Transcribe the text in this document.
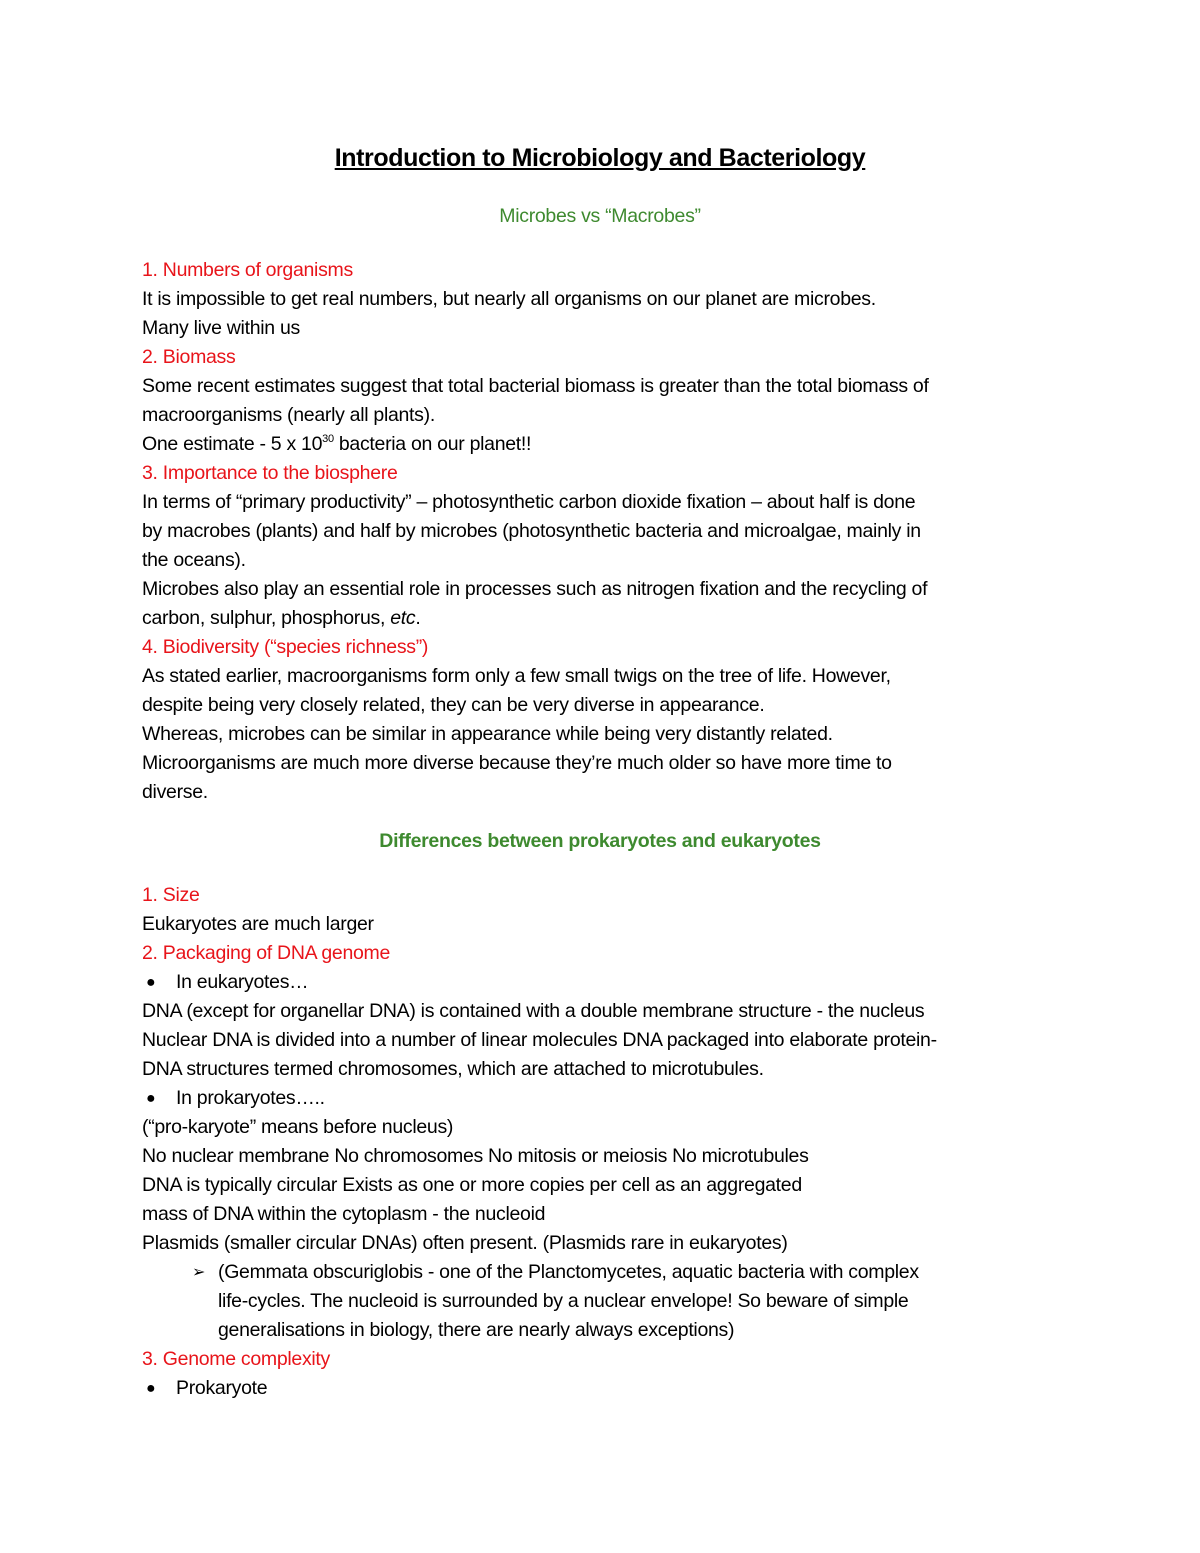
Introduction to Microbiology and Bacteriology
Microbes vs “Macrobes”
1. Numbers of organisms
It is impossible to get real numbers, but nearly all organisms on our planet are microbes.
Many live within us
2. Biomass
Some recent estimates suggest that total bacterial biomass is greater than the total biomass of
macroorganisms (nearly all plants).
One estimate - 5 x $10^{30}$ bacteria on our planet!!
3. Importance to the biosphere
In terms of “primary productivity” – photosynthetic carbon dioxide fixation – about half is done
by macrobes (plants) and half by microbes (photosynthetic bacteria and microalgae, mainly in
the oceans).
Microbes also play an essential role in processes such as nitrogen fixation and the recycling of
carbon, sulphur, phosphorus, etc.
4. Biodiversity (“species richness”)
As stated earlier, macroorganisms form only a few small twigs on the tree of life. However,
despite being very closely related, they can be very diverse in appearance.
Whereas, microbes can be similar in appearance while being very distantly related.
Microorganisms are much more diverse because they’re much older so have more time to
diverse.
Differences between prokaryotes and eukaryotes
1. Size
Eukaryotes are much larger
2. Packaging of DNA genome
● In eukaryotes…
DNA (except for organellar DNA) is contained with a double membrane structure - the nucleus
Nuclear DNA is divided into a number of linear molecules DNA packaged into elaborate protein-
DNA structures termed chromosomes, which are attached to microtubules.
● In prokaryotes…..
(“pro-karyote” means before nucleus)
No nuclear membrane No chromosomes No mitosis or meiosis No microtubules
DNA is typically circular Exists as one or more copies per cell as an aggregated
mass of DNA within the cytoplasm - the nucleoid
Plasmids (smaller circular DNAs) often present. (Plasmids rare in eukaryotes)
➢ (Gemmata obscuriglobis - one of the Planctomycetes, aquatic bacteria with complex
life-cycles. The nucleoid is surrounded by a nuclear envelope! So beware of simple
generalisations in biology, there are nearly always exceptions)
3. Genome complexity
● Prokaryote
